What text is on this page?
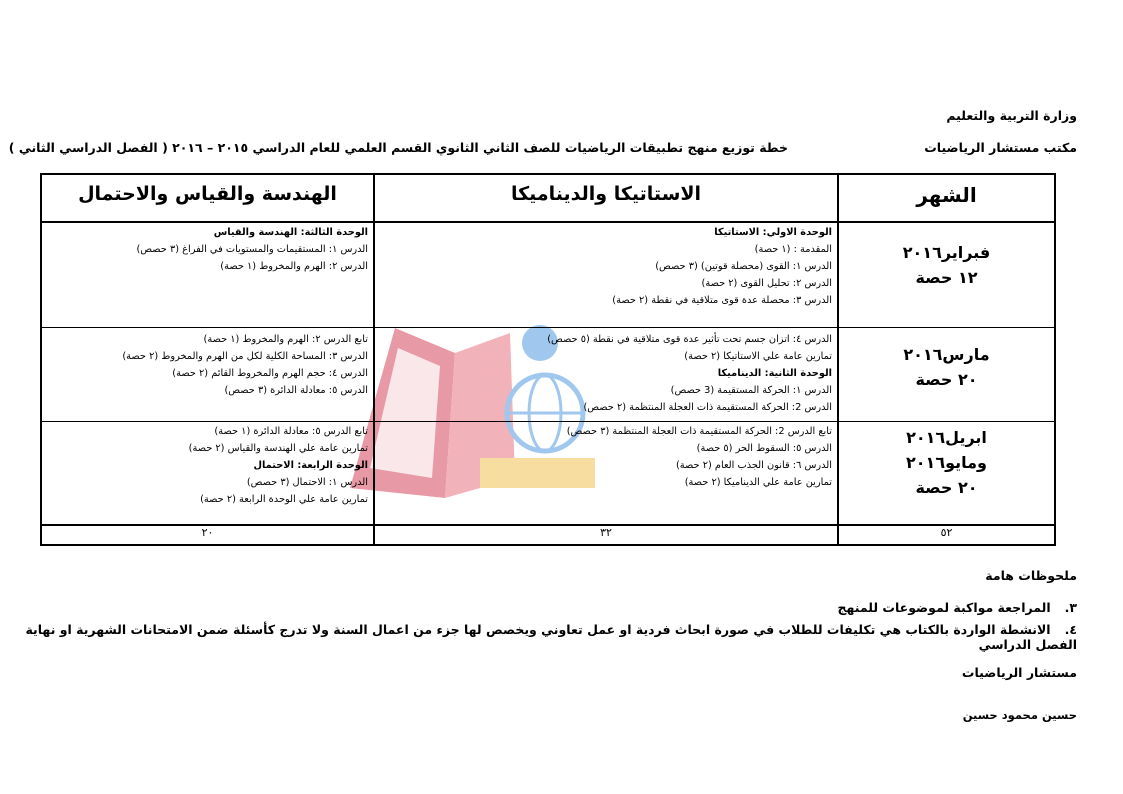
وزارة التربية والتعليم
مكتب مستشار الرياضيات
خطة توزيع منهج تطبيقات الرياضيات للصف الثاني الثانوي القسم العلمي للعام الدراسي ٢٠١٥ – ٢٠١٦ ( الفصل الدراسي الثاني )
الشهر
الاستاتيكا والديناميكا
الهندسة والقياس والاحتمال
فبراير٢٠١٦
١٢ حصة
الوحدة الاولي: الاستاتيكا
المقدمة : (١ حصة)
الدرس ١: القوى (محصلة قوتين) (٣ حصص)
الدرس ٢: تحليل القوى (٢ حصة)
الدرس ٣: محصلة عدة قوى متلاقية في نقطة (٢ حصة)
الوحدة الثالثة: الهندسة والقياس
الدرس ١: المستقيمات والمستويات في الفراغ (٣ حصص)
الدرس ٢: الهرم والمخروط (١ حصة)
مارس٢٠١٦
٢٠ حصة
الدرس ٤: اتزان جسم تحت تأثير عدة قوى متلاقية في نقطة (٥ حصص)
تمارين عامة علي الاستاتيكا (٢ حصة)
الوحدة الثانية: الديناميكا
الدرس ١: الحركة المستقيمة (3 حصص)
الدرس 2: الحركة المستقيمة ذات العجلة المنتظمة (٢ حصص)
تابع الدرس ٢: الهرم والمخروط (١ حصة)
الدرس ٣: المساحة الكلية لكل من الهرم والمخروط (٢ حصة)
الدرس ٤: حجم الهرم والمخروط القائم (٢ حصة)
الدرس ٥: معادلة الدائرة (٣ حصص)
ابريل٢٠١٦
ومايو٢٠١٦
٢٠ حصة
تابع الدرس 2: الحركة المستقيمة ذات العجلة المنتظمة (٣ حصص)
الدرس ٥: السقوط الحر (٥ حصة)
الدرس ٦: قانون الجذب العام (٢ حصة)
تمارين عامة علي الديناميكا (٢ حصة)
تابع الدرس ٥: معادلة الدائرة (١ حصة)
تمارين عامة علي الهندسة والقياس (٢ حصة)
الوحدة الرابعة: الاحتمال
الدرس ١: الاحتمال (٣ حصص)
تمارين عامة علي الوحدة الرابعة (٢ حصة)
٥٢
٣٢
٢٠
ملحوظات هامة
٣.المراجعة مواكبة لموضوعات للمنهج
٤.الانشطة الواردة بالكتاب هي تكليفات للطلاب في صورة ابحاث فردية او عمل تعاوني ويخصص لها جزء من اعمال السنة ولا تدرج كأسئلة ضمن الامتحانات الشهرية او نهاية الفصل الدراسي
مستشار الرياضيات
حسين محمود حسين
